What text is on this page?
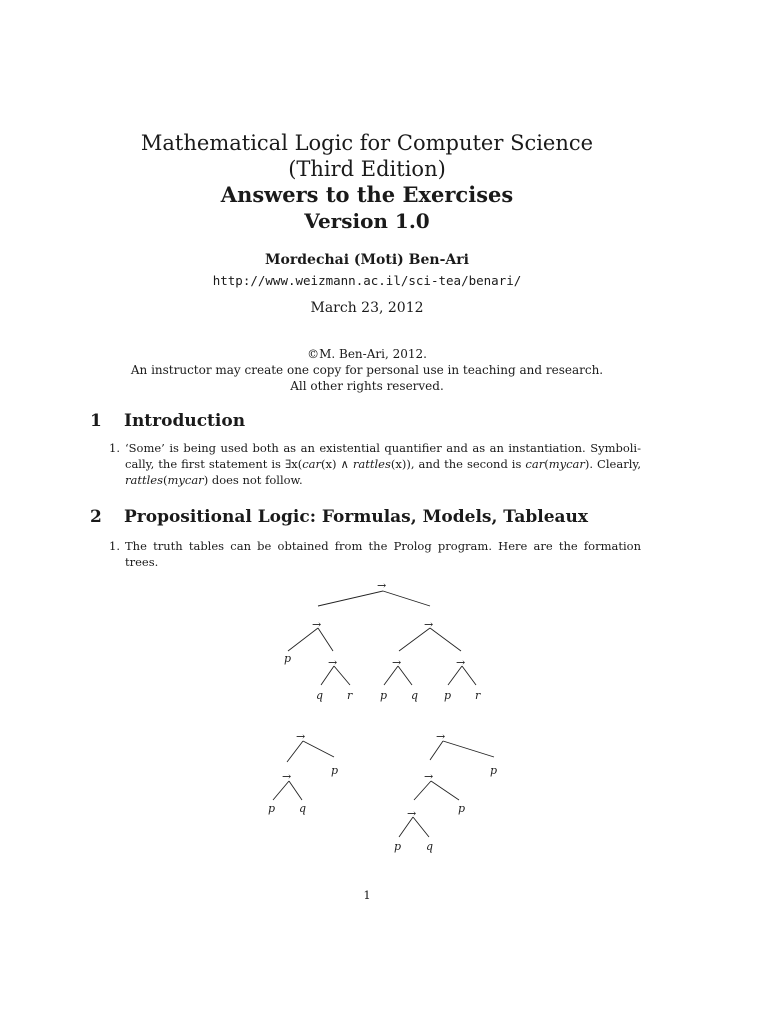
Mathematical Logic for Computer Science
(Third Edition)
Answers to the Exercises
Version 1.0
Mordechai (Moti) Ben-Ari
http://www.weizmann.ac.il/sci-tea/benari/
March 23, 2012
©M. Ben-Ari, 2012.
An instructor may create one copy for personal use in teaching and research.
All other rights reserved.
1 Introduction
1. ‘Some’ is being used both as an existential quantifier and as an instantiation. Symboli-cally, the first statement is ∃x(car(x) ∧ rattles(x)), and the second is car(mycar). Clearly, rattles(mycar) does not follow.
2 Propositional Logic: Formulas, Models, Tableaux
1. The truth tables can be obtained from the Prolog program. Here are the formation trees.
→
→	→
→	→	→
p
q r	p q p r
→
→	p
p q
→
→
→
p
p
p q
1
